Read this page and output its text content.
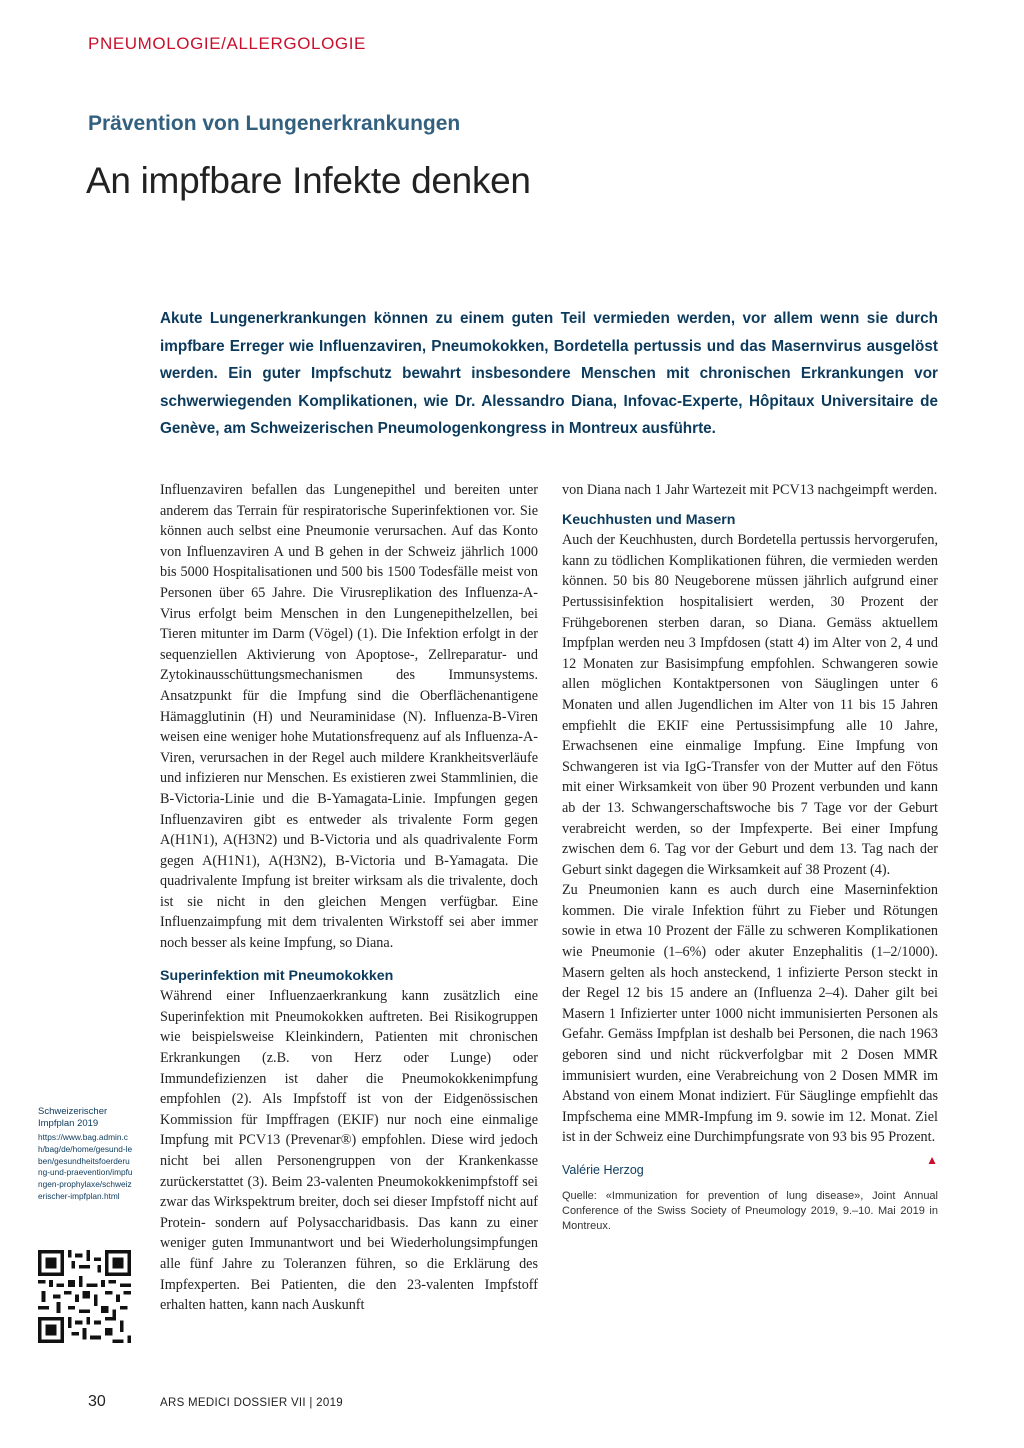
PNEUMOLOGIE/ALLERGOLOGIE
Prävention von Lungenerkrankungen
An impfbare Infekte denken
Akute Lungenerkrankungen können zu einem guten Teil vermieden werden, vor allem wenn sie durch impfbare Erreger wie Influenzaviren, Pneumokokken, Bordetella pertussis und das Masernvirus ausgelöst werden. Ein guter Impfschutz bewahrt insbesondere Menschen mit chronischen Erkrankungen vor schwerwiegenden Komplikationen, wie Dr. Alessandro Diana, Infovac-Experte, Hôpitaux Universitaire de Genève, am Schweizerischen Pneumologenkongress in Montreux ausführte.

Influenzaviren befallen das Lungenepithel und bereiten unter anderem das Terrain für respiratorische Superinfektionen vor. Sie können auch selbst eine Pneumonie verursachen. Auf das Konto von Influenzaviren A und B gehen in der Schweiz jährlich 1000 bis 5000 Hospitalisationen und 500 bis 1500 Todesfälle meist von Personen über 65 Jahre. Die Virusreplikation des Influenza-A-Virus erfolgt beim Menschen in den Lungenepithelzellen, bei Tieren mitunter im Darm (Vögel) (1). Die Infektion erfolgt in der sequenziellen Aktivierung von Apoptose-, Zellreparatur- und Zytokinausschüttungsmechanismen des Immunsystems. Ansatzpunkt für die Impfung sind die Oberflächenantigene Hämagglutinin (H) und Neuraminidase (N). Influenza-B-Viren weisen eine weniger hohe Mutationsfrequenz auf als Influenza-A-Viren, verursachen in der Regel auch mildere Krankheitsverläufe und infizieren nur Menschen. Es existieren zwei Stammlinien, die B-Victoria-Linie und die B-Yamagata-Linie. Impfungen gegen Influenzaviren gibt es entweder als trivalente Form gegen A(H1N1), A(H3N2) und B-Victoria und als quadrivalente Form gegen A(H1N1), A(H3N2), B-Victoria und B-Yamagata. Die quadrivalente Impfung ist breiter wirksam als die trivalente, doch ist sie nicht in den gleichen Mengen verfügbar. Eine Influenzaimpfung mit dem trivalenten Wirkstoff sei aber immer noch besser als keine Impfung, so Diana.

Superinfektion mit Pneumokokken

Während einer Influenzaerkrankung kann zusätzlich eine Superinfektion mit Pneumokokken auftreten. Bei Risikogruppen wie beispielsweise Kleinkindern, Patienten mit chronischen Erkrankungen (z.B. von Herz oder Lunge) oder Immundefizienzen ist daher die Pneumokokkenimpfung empfohlen (2). Als Impfstoff ist von der Eidgenössischen Kommission für Impffragen (EKIF) nur noch eine einmalige Impfung mit PCV13 (Prevenar®) empfohlen. Diese wird jedoch nicht bei allen Personengruppen von der Krankenkasse zurückerstattet (3). Beim 23-valenten Pneumokokkenimpfstoff sei zwar das Wirkspektrum breiter, doch sei dieser Impfstoff nicht auf Protein- sondern auf Polysaccharidbasis. Das kann zu einer weniger guten Immunantwort und bei Wiederholungsimpfungen alle fünf Jahre zu Toleranzen führen, so die Erklärung des Impfexperten. Bei Patienten, die den 23-valenten Impfstoff erhalten hatten, kann nach Auskunft

von Diana nach 1 Jahr Wartezeit mit PCV13 nachgeimpft werden.

Keuchhusten und Masern

Auch der Keuchhusten, durch Bordetella pertussis hervorgerufen, kann zu tödlichen Komplikationen führen, die vermieden werden können. 50 bis 80 Neugeborene müssen jährlich aufgrund einer Pertussisinfektion hospitalisiert werden, 30 Prozent der Frühgeborenen sterben daran, so Diana. Gemäss aktuellem Impfplan werden neu 3 Impfdosen (statt 4) im Alter von 2, 4 und 12 Monaten zur Basisimpfung empfohlen. Schwangeren sowie allen möglichen Kontaktpersonen von Säuglingen unter 6 Monaten und allen Jugendlichen im Alter von 11 bis 15 Jahren empfiehlt die EKIF eine Pertussisimpfung alle 10 Jahre, Erwachsenen eine einmalige Impfung. Eine Impfung von Schwangeren ist via IgG-Transfer von der Mutter auf den Fötus mit einer Wirksamkeit von über 90 Prozent verbunden und kann ab der 13. Schwangerschaftswoche bis 7 Tage vor der Geburt verabreicht werden, so der Impfexperte. Bei einer Impfung zwischen dem 6. Tag vor der Geburt und dem 13. Tag nach der Geburt sinkt dagegen die Wirksamkeit auf 38 Prozent (4).

Zu Pneumonien kann es auch durch eine Maserninfektion kommen. Die virale Infektion führt zu Fieber und Rötungen sowie in etwa 10 Prozent der Fälle zu schweren Komplikationen wie Pneumonie (1–6%) oder akuter Enzephalitis (1–2/1000). Masern gelten als hoch ansteckend, 1 infizierte Person steckt in der Regel 12 bis 15 andere an (Influenza 2–4). Daher gilt bei Masern 1 Infizierter unter 1000 nicht immunisierten Personen als Gefahr. Gemäss Impfplan ist deshalb bei Personen, die nach 1963 geboren sind und nicht rückverfolgbar mit 2 Dosen MMR immunisiert wurden, eine Verabreichung von 2 Dosen MMR im Abstand von einem Monat indiziert. Für Säuglinge empfiehlt das Impfschema eine MMR-Impfung im 9. sowie im 12. Monat. Ziel ist in der Schweiz eine Durchimpfungsrate von 93 bis 95 Prozent.
▲

Valérie Herzog
Quelle: «Immunization for prevention of lung disease», Joint Annual Conference of the Swiss Society of Pneumology 2019, 9.–10. Mai 2019 in Montreux.
Schweizerischer Impfplan 2019
https://www.bag.admin.ch/bag/de/home/gesund-leben/gesundheitsfoerderung-und-praevention/impfungen-prophylaxe/schweizerischer-impfplan.html
30	ARS MEDICI DOSSIER VII | 2019
